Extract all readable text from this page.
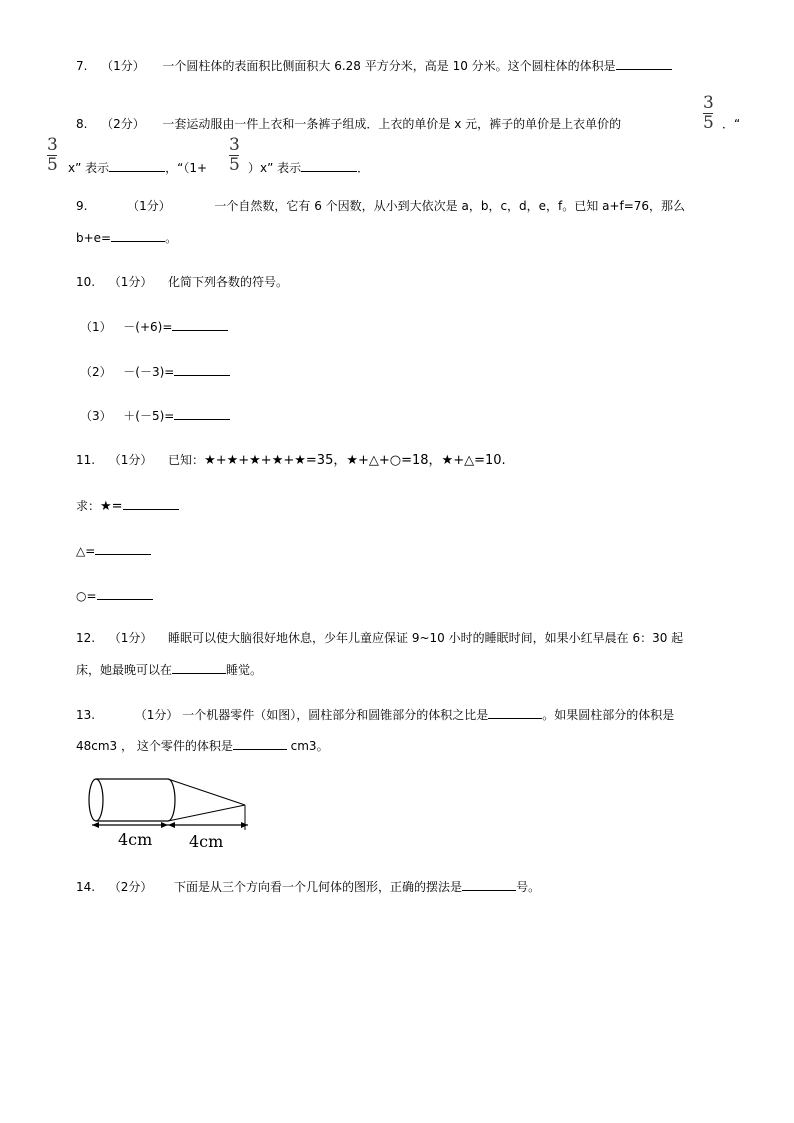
7. （1分） 一个圆柱体的表面积比侧面积大 6.28 平方分米，高是 10 分米。这个圆柱体的体积是
8. （2分） 一套运动服由一件上衣和一条裤子组成．上衣的单价是 x 元，裤子的单价是上衣单价的
3
5 ．“
3
5 x” 表示	，“（1+
3
5 ）x” 表示	．
9.	（1分）	一个自然数，它有 6 个因数，从小到大依次是 a，b，c，d，e，f。已知 a+f=76，那么
b+e=	。
10. （1分） 化简下列各数的符号。
（1） －(+6)=
（2） －(－3)=
（3） ＋(－5)=
11. （1分） 已知：★+★+★+★+★=35，★+△+○=18，★+△=10.
求：★=
△=
○=
12. （1分） 睡眠可以使大脑很好地休息，少年儿童应保证 9~10 小时的睡眠时间，如果小红早晨在 6：30 起
床，她最晚可以在	睡觉。
13.	（1分） 一个机器零件（如图），圆柱部分和圆锥部分的体积之比是	。如果圆柱部分的体积是
48cm3 ， 这个零件的体积是	cm3。
4cm 4cm
14. （2分） 下面是从三个方向看一个几何体的图形，正确的摆法是	号。
